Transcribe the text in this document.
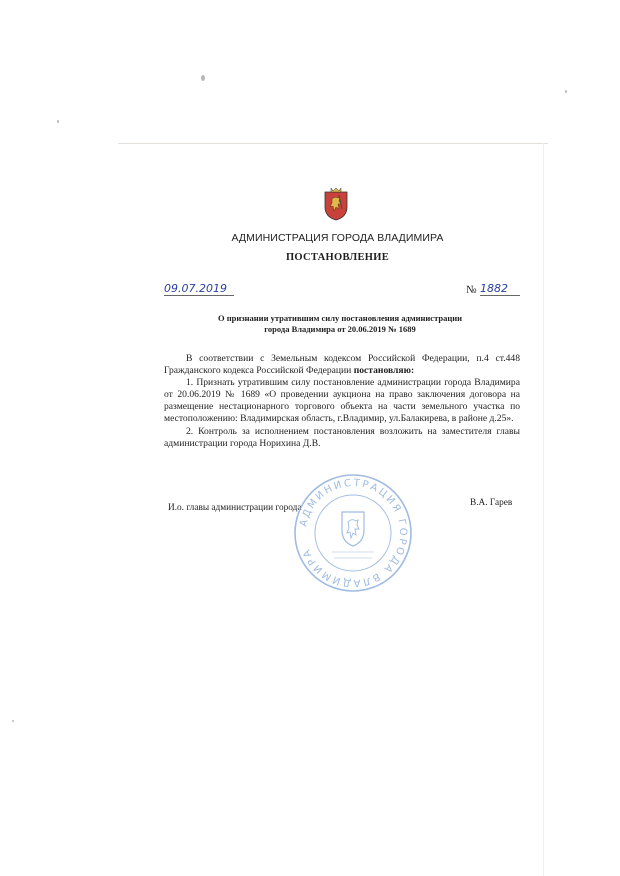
АДМИНИСТРАЦИЯ ГОРОДА ВЛАДИМИРА
ПОСТАНОВЛЕНИЕ
09.07.2019	№ 1882
О признании утратившим силу постановления администрации
города Владимира от 20.06.2019 № 1689

В соответствии с Земельным кодексом Российской Федерации, п.4 ст.448 Гражданского кодекса Российской Федерации постановляю:

1. Признать утратившим силу постановление администрации города Владимира от 20.06.2019 № 1689 «О проведении аукциона на право заключения договора на размещение нестационарного торгового объекта на части земельного участка по местоположению: Владимирская область, г.Владимир, ул.Балакирева, в районе д.25».

2. Контроль за исполнением постановления возложить на заместителя главы администрации города Норихина Д.В.

И.о. главы администрации города	В.А. Гарев
АДМИНИСТРАЦИЯ ГОРОДА ВЛАДИМИРА
